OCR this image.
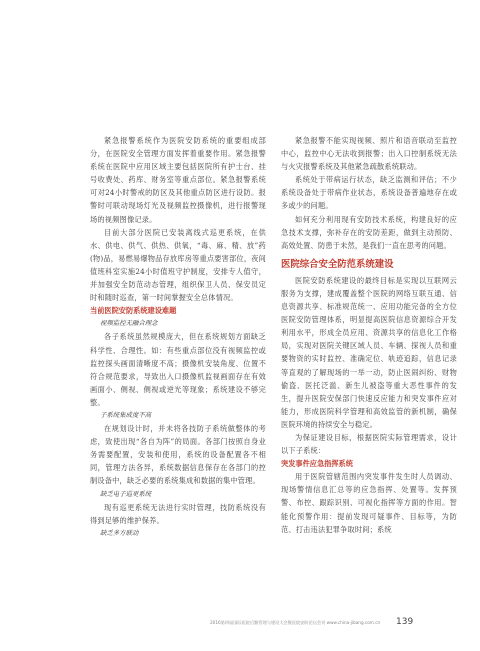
紧急报警系统作为医院安防系统的重要组成部分，在医院安全管理方面发挥着重要作用。紧急报警系统在医院中应用区域主要包括医院所有护士台、挂号收费处、药库、财务室等重点部位。紧急报警系统可对24小时警戒的防区及其他重点防区进行设防。报警时可联动现场灯光及视频监控摄像机，进行报警现场的视频图像记录。
目前大部分医院已安装离线式巡更系统，在供水、供电、供气、供热、供氧，“毒、麻、精、放”药(物)品，易燃易爆物品存放库房等重点要害部位，夜间值班科室实施24小时值班守护制度，安排专人值守，并加强安全防范动态管理，组织保卫人员、保安员定时和随时巡查，第一时间掌握安全总体情况。
当前医院安防系统建设难题
视频监控无融合理念
各子系统虽然规模庞大，但在系统规划方面缺乏科学性、合理性。如：有些重点部位没有视频监控或监控探头画面清晰度不高；摄像机安装角度、位置不符合规范要求，导致出入口摄像机监视画面存在有效画面小、侧视、侧视或逆光等现象；系统建设不够完整。
子系统集成度不高
在规划设计时，并未将各技防子系统做整体的考虑，致使出现“各自为阵”的局面。各部门按照自身业务需要配置，安装和使用，系统的设备配置各不相同，管理方法各异，系统数据信息保存在各部门的控制设备中，缺乏必要的系统集成和数据的集中管理。
缺乏电子巡更系统
现有巡更系统无法进行实时管理，技防系统没有得到足够的维护保养。
缺乏多方联动
紧急报警不能实现视频、照片和语音联动至监控中心，监控中心无法收到报警；出入口控制系统无法与火灾报警系统及其他紧急疏散系统联动。
系统处于带病运行状态，缺乏监测和评估；不少系统设备处于带病作业状态，系统设备普遍地存在或多或少的问题。
如何充分利用现有安防技术系统，构建良好的应急技术支撑，弥补存在的安防差距，做到主动预防、高效处置、防患于未然，是我们一直在思考的问题。
医院综合安全防范系统建设
医院安防系统建设的最终目标是实现以互联网云服务为支撑，建成覆盖整个医院的网络互联互通、信息资源共享、标准规范统一、应用功能完备的全方位医院安防管理体系，明显提高医院信息资源综合开发利用水平，形成全员应用、资源共享的信息化工作格局，实现对医院关键区域人员、车辆、探视人员和重要物资的实时监控、准确定位、轨迹追踪，信息记录等直观的了解现场的一举一动，防止医闹纠纷、财物偷盗、医托泛滥、新生儿被盗等重大恶性事件的发生，提升医院安保部门快速反应能力和突发事件应对能力，形成医院科学管理和高效监管的新机制，确保医院环境的持续安全与稳定。
为保证建设目标，根据医院实际管理需求，设计以下子系统：
突发事件应急指挥系统
用于医院管辖范围内突发事件发生时人员调动、现场警情信息汇总等的应急指挥、处置等。发挥预警、布控、跟踪识别、可视化指挥等方面的作用。智能化预警作用：提前发现可疑事件、目标等，为防范、打击违法犯罪争取时间；系统
2016第四届国际医院后勤管理与建设大会暨医院安防论坛会刊 www.china-jibang.com.cn 139
